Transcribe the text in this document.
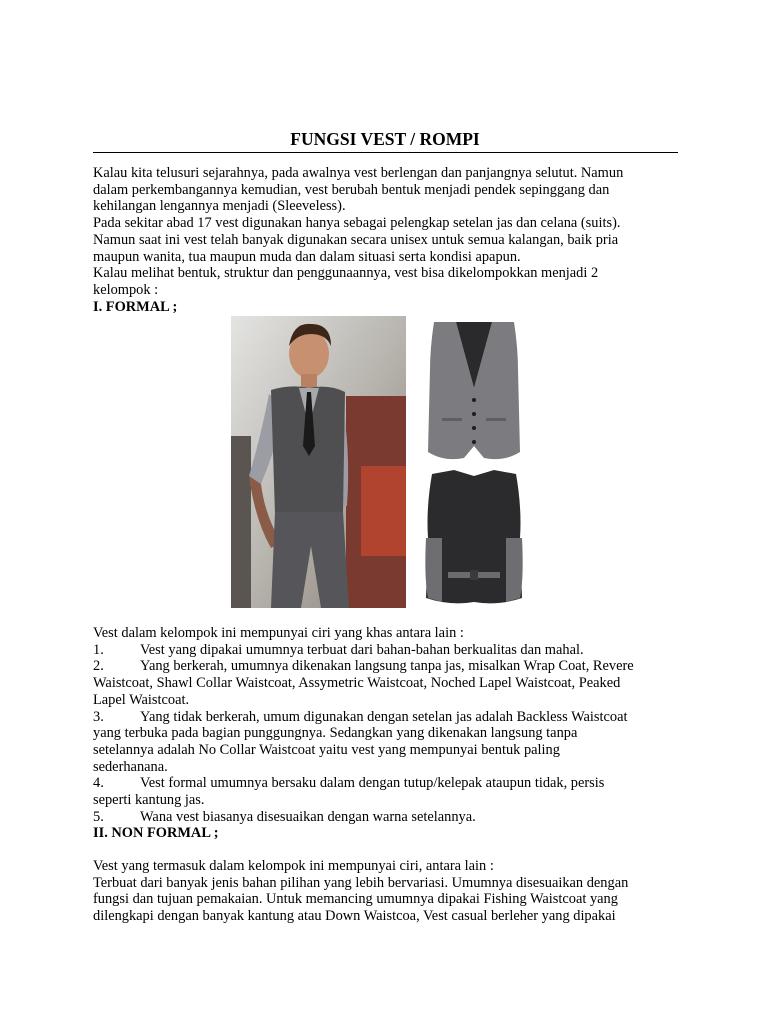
FUNGSI VEST / ROMPI

Kalau kita telusuri sejarahnya, pada awalnya vest berlengan dan panjangnya selutut. Namun

dalam perkembangannya kemudian, vest berubah bentuk menjadi pendek sepinggang dan

kehilangan lengannya menjadi (Sleeveless).

Pada sekitar abad 17 vest digunakan hanya sebagai pelengkap setelan jas dan celana (suits).

Namun saat ini vest telah banyak digunakan secara unisex untuk semua kalangan, baik pria

maupun wanita, tua maupun muda dan dalam situasi serta kondisi apapun.

Kalau melihat bentuk, struktur dan penggunaannya, vest bisa dikelompokkan menjadi 2

kelompok :

I. FORMAL ;

Vest dalam kelompok ini mempunyai ciri yang khas antara lain :

1.	Vest yang dipakai umumnya terbuat dari bahan-bahan berkualitas dan mahal.

2.	Yang berkerah, umumnya dikenakan langsung tanpa jas, misalkan Wrap Coat, Revere

Waistcoat, Shawl Collar Waistcoat, Assymetric Waistcoat, Noched Lapel Waistcoat, Peaked

Lapel Waistcoat.

3.	Yang tidak berkerah, umum digunakan dengan setelan jas adalah Backless Waistcoat

yang terbuka pada bagian punggungnya. Sedangkan yang dikenakan langsung tanpa

setelannya adalah No Collar Waistcoat yaitu vest yang mempunyai bentuk paling

sederhanana.

4.	Vest formal umumnya bersaku dalam dengan tutup/kelepak ataupun tidak, persis

seperti kantung jas.

5.	Wana vest biasanya disesuaikan dengan warna setelannya.

II. NON FORMAL ;

Vest yang termasuk dalam kelompok ini mempunyai ciri, antara lain :

Terbuat dari banyak jenis bahan pilihan yang lebih bervariasi. Umumnya disesuaikan dengan

fungsi dan tujuan pemakaian. Untuk memancing umumnya dipakai Fishing Waistcoat yang

dilengkapi dengan banyak kantung atau Down Waistcoa, Vest casual berleher yang dipakai
